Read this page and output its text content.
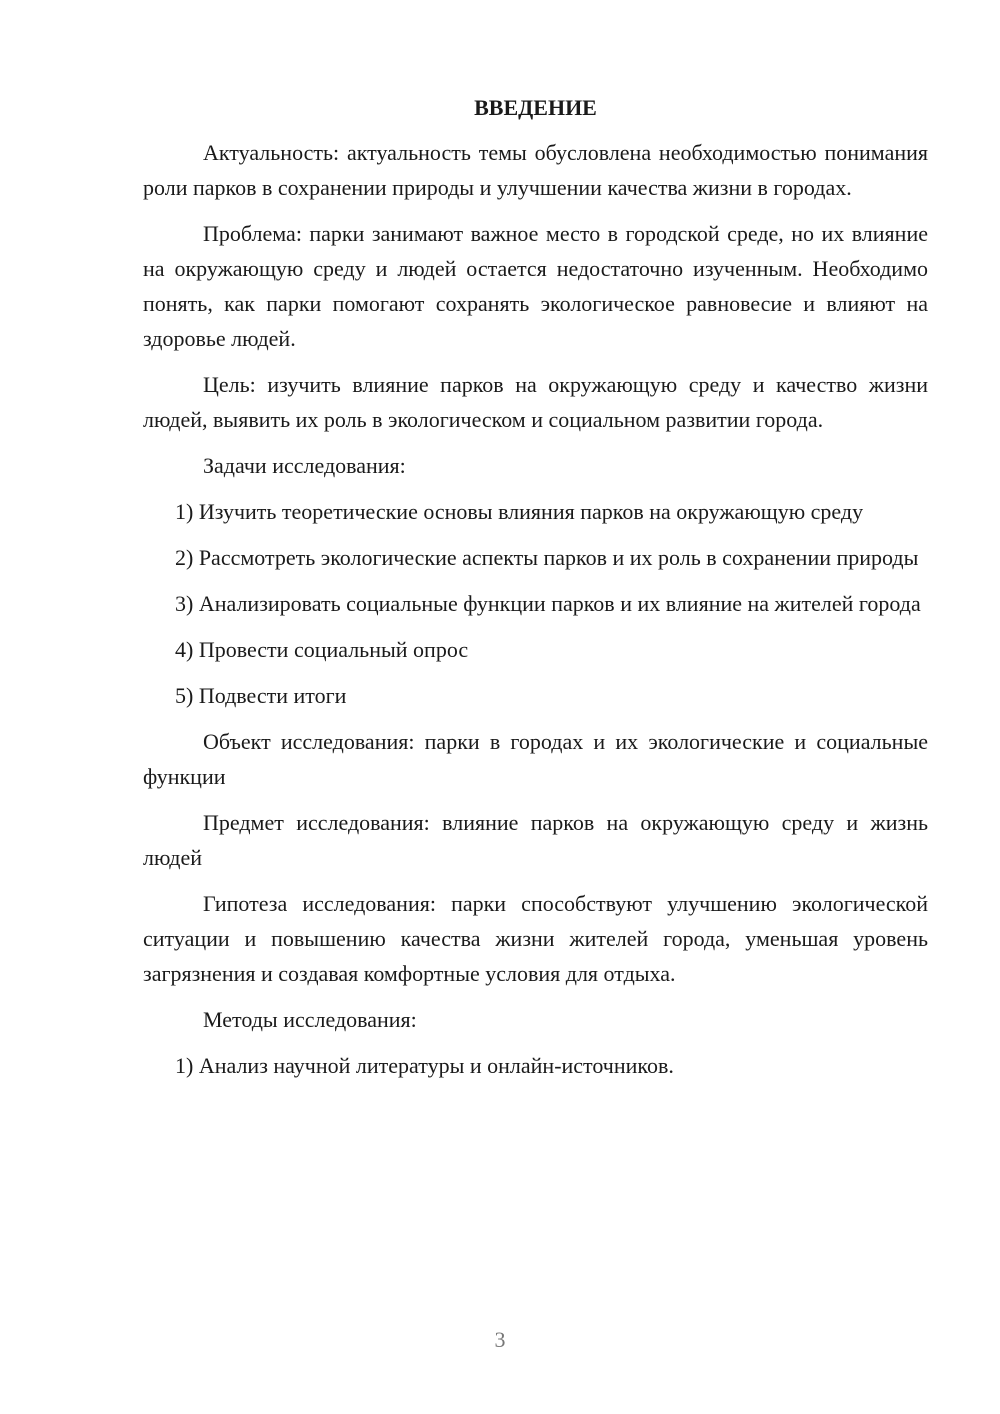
ВВЕДЕНИЕ

Актуальность: актуальность темы обусловлена необходимостью понимания роли парков в сохранении природы и улучшении качества жизни в городах.

Проблема: парки занимают важное место в городской среде, но их влияние на окружающую среду и людей остается недостаточно изученным. Необходимо понять, как парки помогают сохранять экологическое равновесие и влияют на здоровье людей.

Цель: изучить влияние парков на окружающую среду и качество жизни людей, выявить их роль в экологическом и социальном развитии города.

Задачи исследования:

1) Изучить теоретические основы влияния парков на окружающую среду

2) Рассмотреть экологические аспекты парков и их роль в сохранении природы

3) Анализировать социальные функции парков и их влияние на жителей города

4) Провести социальный опрос

5) Подвести итоги

Объект исследования: парки в городах и их экологические и социальные функции

Предмет исследования: влияние парков на окружающую среду и жизнь людей

Гипотеза исследования: парки способствуют улучшению экологической ситуации и повышению качества жизни жителей города, уменьшая уровень загрязнения и создавая комфортные условия для отдыха.

Методы исследования:

1) Анализ научной литературы и онлайн-источников.

3
